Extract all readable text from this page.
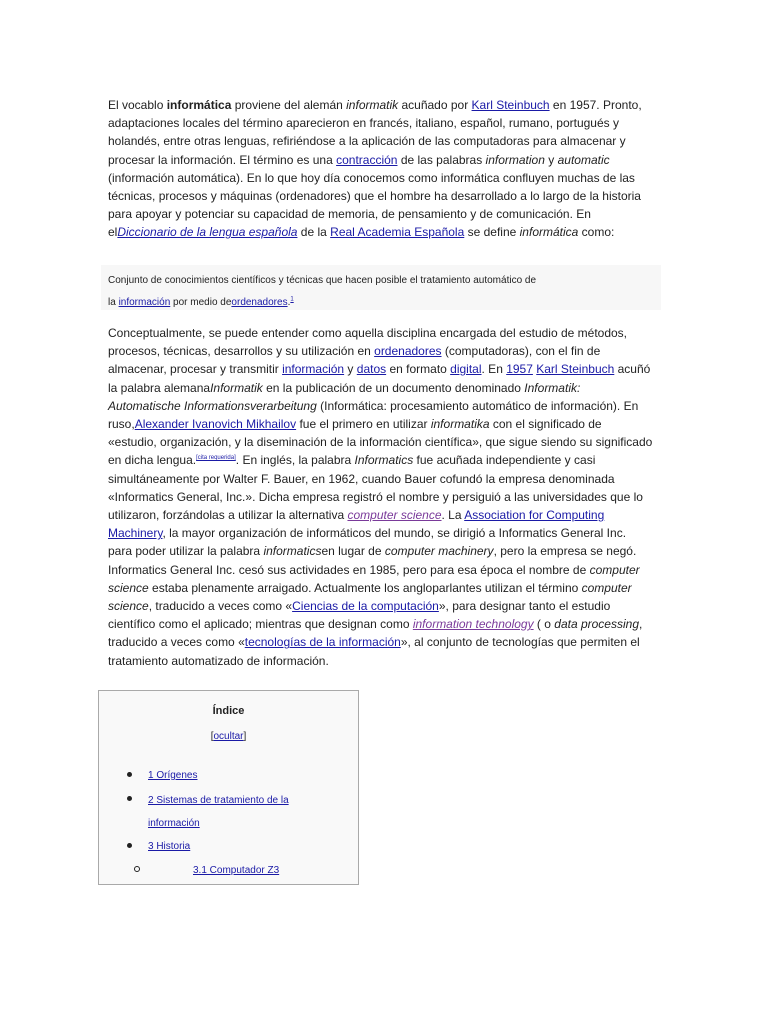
El vocablo informática proviene del alemán informatik acuñado por Karl Steinbuch en 1957. Pronto, adaptaciones locales del término aparecieron en francés, italiano, español, rumano, portugués y holandés, entre otras lenguas, refiriéndose a la aplicación de las computadoras para almacenar y procesar la información. El término es una contracción de las palabras information y automatic (información automática). En lo que hoy día conocemos como informática confluyen muchas de las técnicas, procesos y máquinas (ordenadores) que el hombre ha desarrollado a lo largo de la historia para apoyar y potenciar su capacidad de memoria, de pensamiento y de comunicación. En elDiccionario de la lengua española de la Real Academia Española se define informática como:

Conjunto de conocimientos científicos y técnicas que hacen posible el tratamiento automático de
la información por medio deordenadores.$^1$

Conceptualmente, se puede entender como aquella disciplina encargada del estudio de métodos, procesos, técnicas, desarrollos y su utilización en ordenadores (computadoras), con el fin de almacenar, procesar y transmitir información y datos en formato digital. En 1957 Karl Steinbuch acuñó la palabra alemanaInformatik en la publicación de un documento denominado Informatik: Automatische Informationsverarbeitung (Informática: procesamiento automático de información). En ruso,Alexander Ivanovich Mikhailov fue el primero en utilizar informatika con el significado de «estudio, organización, y la diseminación de la información científica», que sigue siendo su significado en dicha lengua.[cita requerida]. En inglés, la palabra Informatics fue acuñada independiente y casi simultáneamente por Walter F. Bauer, en 1962, cuando Bauer cofundó la empresa denominada «Informatics General, Inc.». Dicha empresa registró el nombre y persiguió a las universidades que lo utilizaron, forzándolas a utilizar la alternativa computer science. La Association for Computing Machinery, la mayor organización de informáticos del mundo, se dirigió a Informatics General Inc. para poder utilizar la palabra informaticsen lugar de computer machinery, pero la empresa se negó. Informatics General Inc. cesó sus actividades en 1985, pero para esa época el nombre de computer science estaba plenamente arraigado. Actualmente los angloparlantes utilizan el término computer science, traducido a veces como «Ciencias de la computación», para designar tanto el estudio científico como el aplicado; mientras que designan como information technology ( o data processing, traducido a veces como «tecnologías de la información», al conjunto de tecnologías que permiten el tratamiento automatizado de información.

Índice
[ocultar]
1 Orígenes
2 Sistemas de tratamiento de la
información
3 Historia
3.1 Computador Z3
